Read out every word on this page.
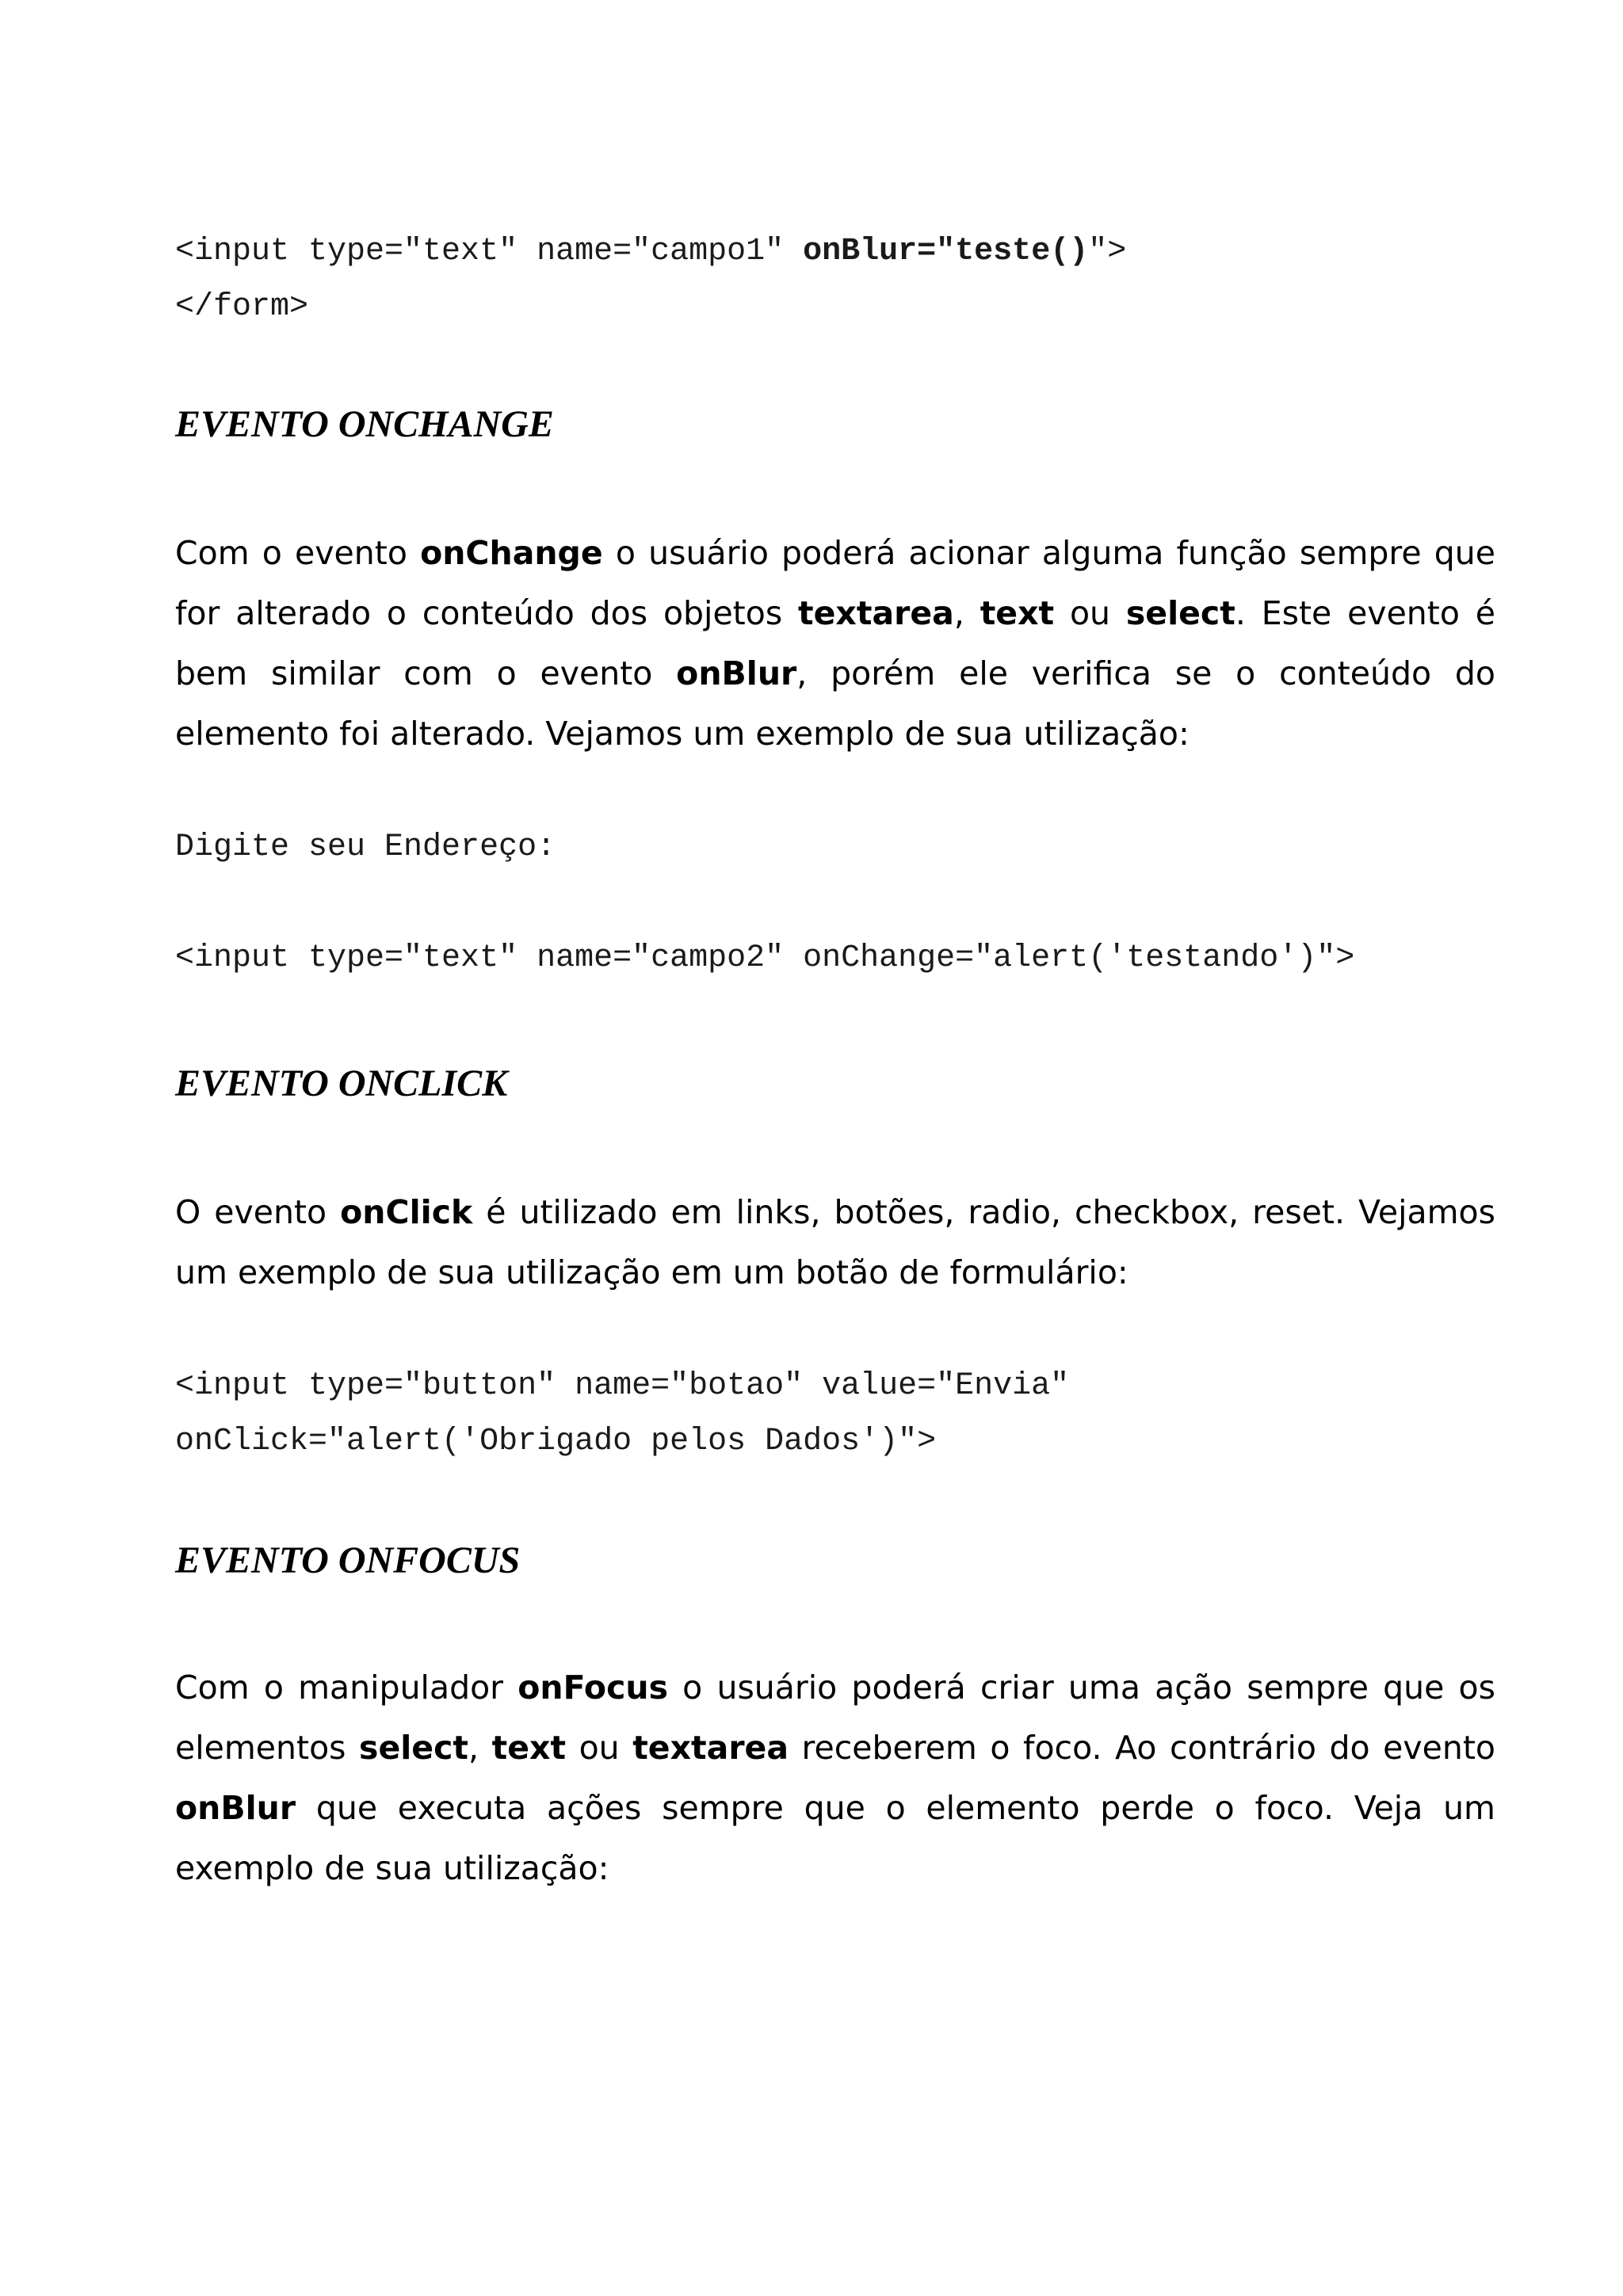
<input type="text" name="campo1" onBlur="teste()">
</form>
EVENTO ONCHANGE
Com o evento onChange o usuário poderá acionar alguma função sempre que
for alterado o conteúdo dos objetos textarea, text ou select. Este evento é
bem similar com o evento onBlur, porém ele verifica se o conteúdo do
elemento foi alterado. Vejamos um exemplo de sua utilização:
Digite seu Endereço:
<input type="text" name="campo2" onChange="alert('testando')">
EVENTO ONCLICK
O evento onClick é utilizado em links, botões, radio, checkbox, reset. Vejamos
um exemplo de sua utilização em um botão de formulário:
<input type="button" name="botao" value="Envia"
onClick="alert('Obrigado pelos Dados')">
EVENTO ONFOCUS
Com o manipulador onFocus o usuário poderá criar uma ação sempre que os
elementos select, text ou textarea receberem o foco. Ao contrário do evento
onBlur que executa ações sempre que o elemento perde o foco. Veja um
exemplo de sua utilização:
